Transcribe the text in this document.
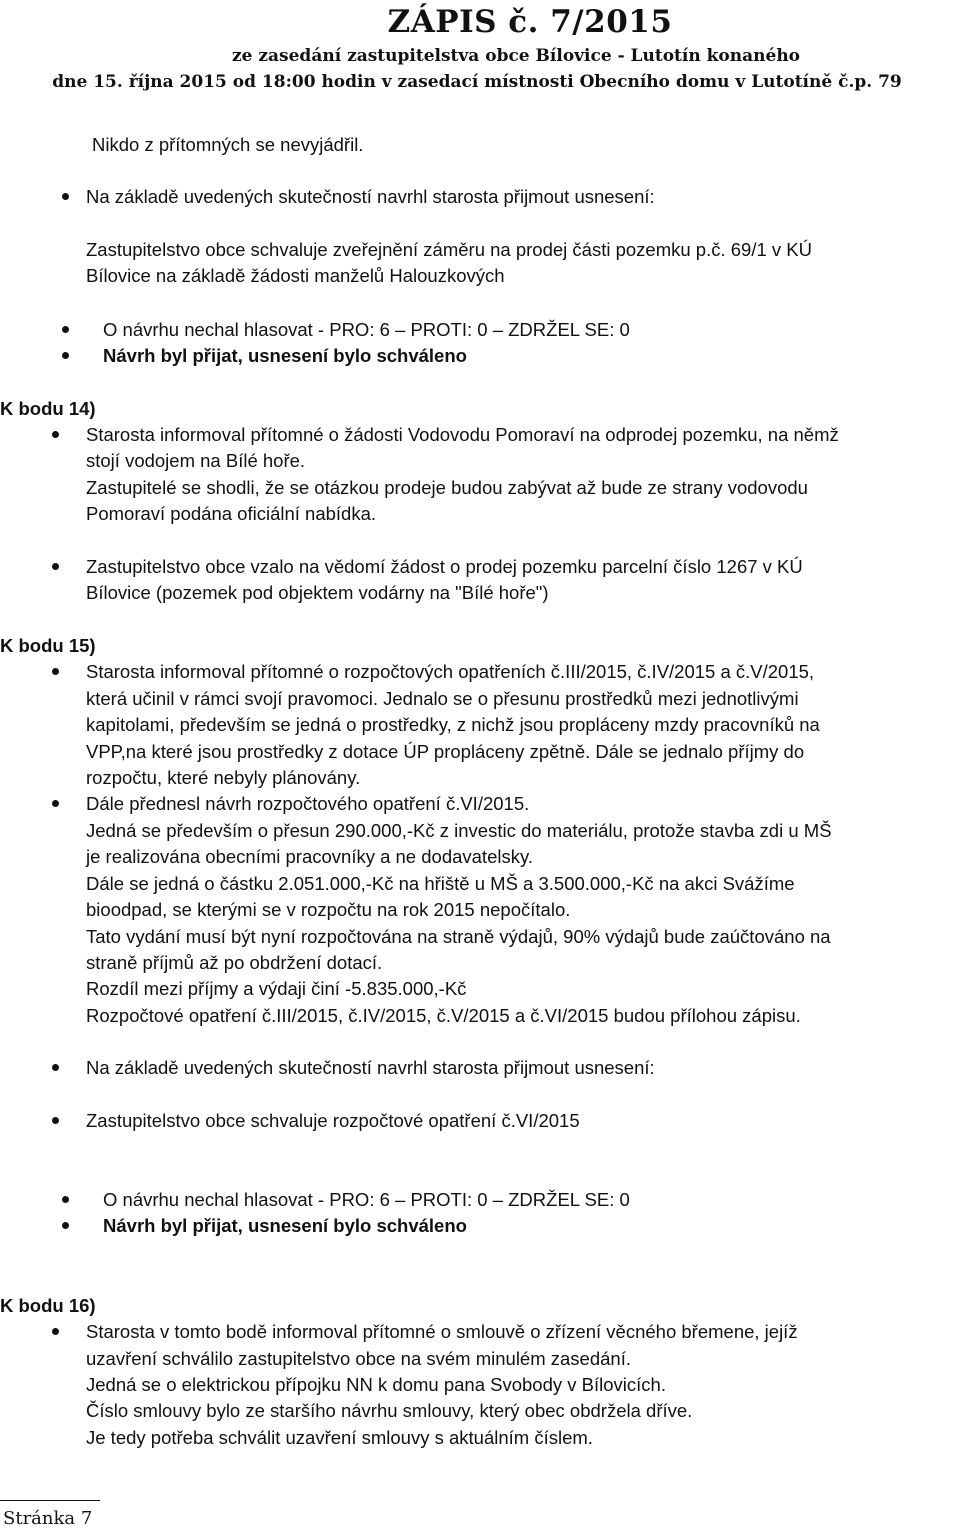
ZÁPIS č. 7/2015
ze zasedání zastupitelstva obce Bílovice - Lutotín konaného
dne 15. října 2015 od 18:00 hodin v zasedací místnosti Obecního domu v Lutotíně č.p. 79
Nikdo z přítomných se nevyjádřil.
Na základě uvedených skutečností navrhl starosta přijmout usnesení:
Zastupitelstvo obce schvaluje zveřejnění záměru na prodej části pozemku p.č. 69/1 v KÚ
Bílovice na základě žádosti manželů Halouzkových
O návrhu nechal hlasovat - PRO: 6 – PROTI: 0 – ZDRŽEL SE: 0
Návrh byl přijat, usnesení bylo schváleno
K bodu 14)
Starosta informoval přítomné o žádosti Vodovodu Pomoraví na odprodej pozemku, na němž
stojí vodojem na Bílé hoře.
Zastupitelé se shodli, že se otázkou prodeje budou zabývat až bude ze strany vodovodu
Pomoraví podána oficiální nabídka.
Zastupitelstvo obce vzalo na vědomí žádost o prodej pozemku parcelní číslo 1267 v KÚ
Bílovice (pozemek pod objektem vodárny na "Bílé hoře")
K bodu 15)
Starosta informoval přítomné o rozpočtových opatřeních č.III/2015, č.IV/2015 a č.V/2015,
která učinil v rámci svojí pravomoci. Jednalo se o přesunu prostředků mezi jednotlivými
kapitolami, především se jedná o prostředky, z nichž jsou propláceny mzdy pracovníků na
VPP,na které jsou prostředky z dotace ÚP propláceny zpětně. Dále se jednalo příjmy do
rozpočtu, které nebyly plánovány.
Dále přednesl návrh rozpočtového opatření č.VI/2015.
Jedná se především o přesun 290.000,-Kč z investic do materiálu, protože stavba zdi u MŠ
je realizována obecními pracovníky a ne dodavatelsky.
Dále se jedná o částku 2.051.000,-Kč na hřiště u MŠ a 3.500.000,-Kč na akci Svážíme
bioodpad, se kterými se v rozpočtu na rok 2015 nepočítalo.
Tato vydání musí být nyní rozpočtována na straně výdajů, 90% výdajů bude zaúčtováno na
straně příjmů až po obdržení dotací.
Rozdíl mezi příjmy a výdaji činí -5.835.000,-Kč
Rozpočtové opatření č.III/2015, č.IV/2015, č.V/2015 a č.VI/2015 budou přílohou zápisu.
Na základě uvedených skutečností navrhl starosta přijmout usnesení:
Zastupitelstvo obce schvaluje rozpočtové opatření č.VI/2015
O návrhu nechal hlasovat - PRO: 6 – PROTI: 0 – ZDRŽEL SE: 0
Návrh byl přijat, usnesení bylo schváleno
K bodu 16)
Starosta v tomto bodě informoval přítomné o smlouvě o zřízení věcného břemene, jejíž
uzavření schválilo zastupitelstvo obce na svém minulém zasedání.
Jedná se o elektrickou přípojku NN k domu pana Svobody v Bílovicích.
Číslo smlouvy bylo ze staršího návrhu smlouvy, který obec obdržela dříve.
Je tedy potřeba schválit uzavření smlouvy s aktuálním číslem.
Stránka 7
